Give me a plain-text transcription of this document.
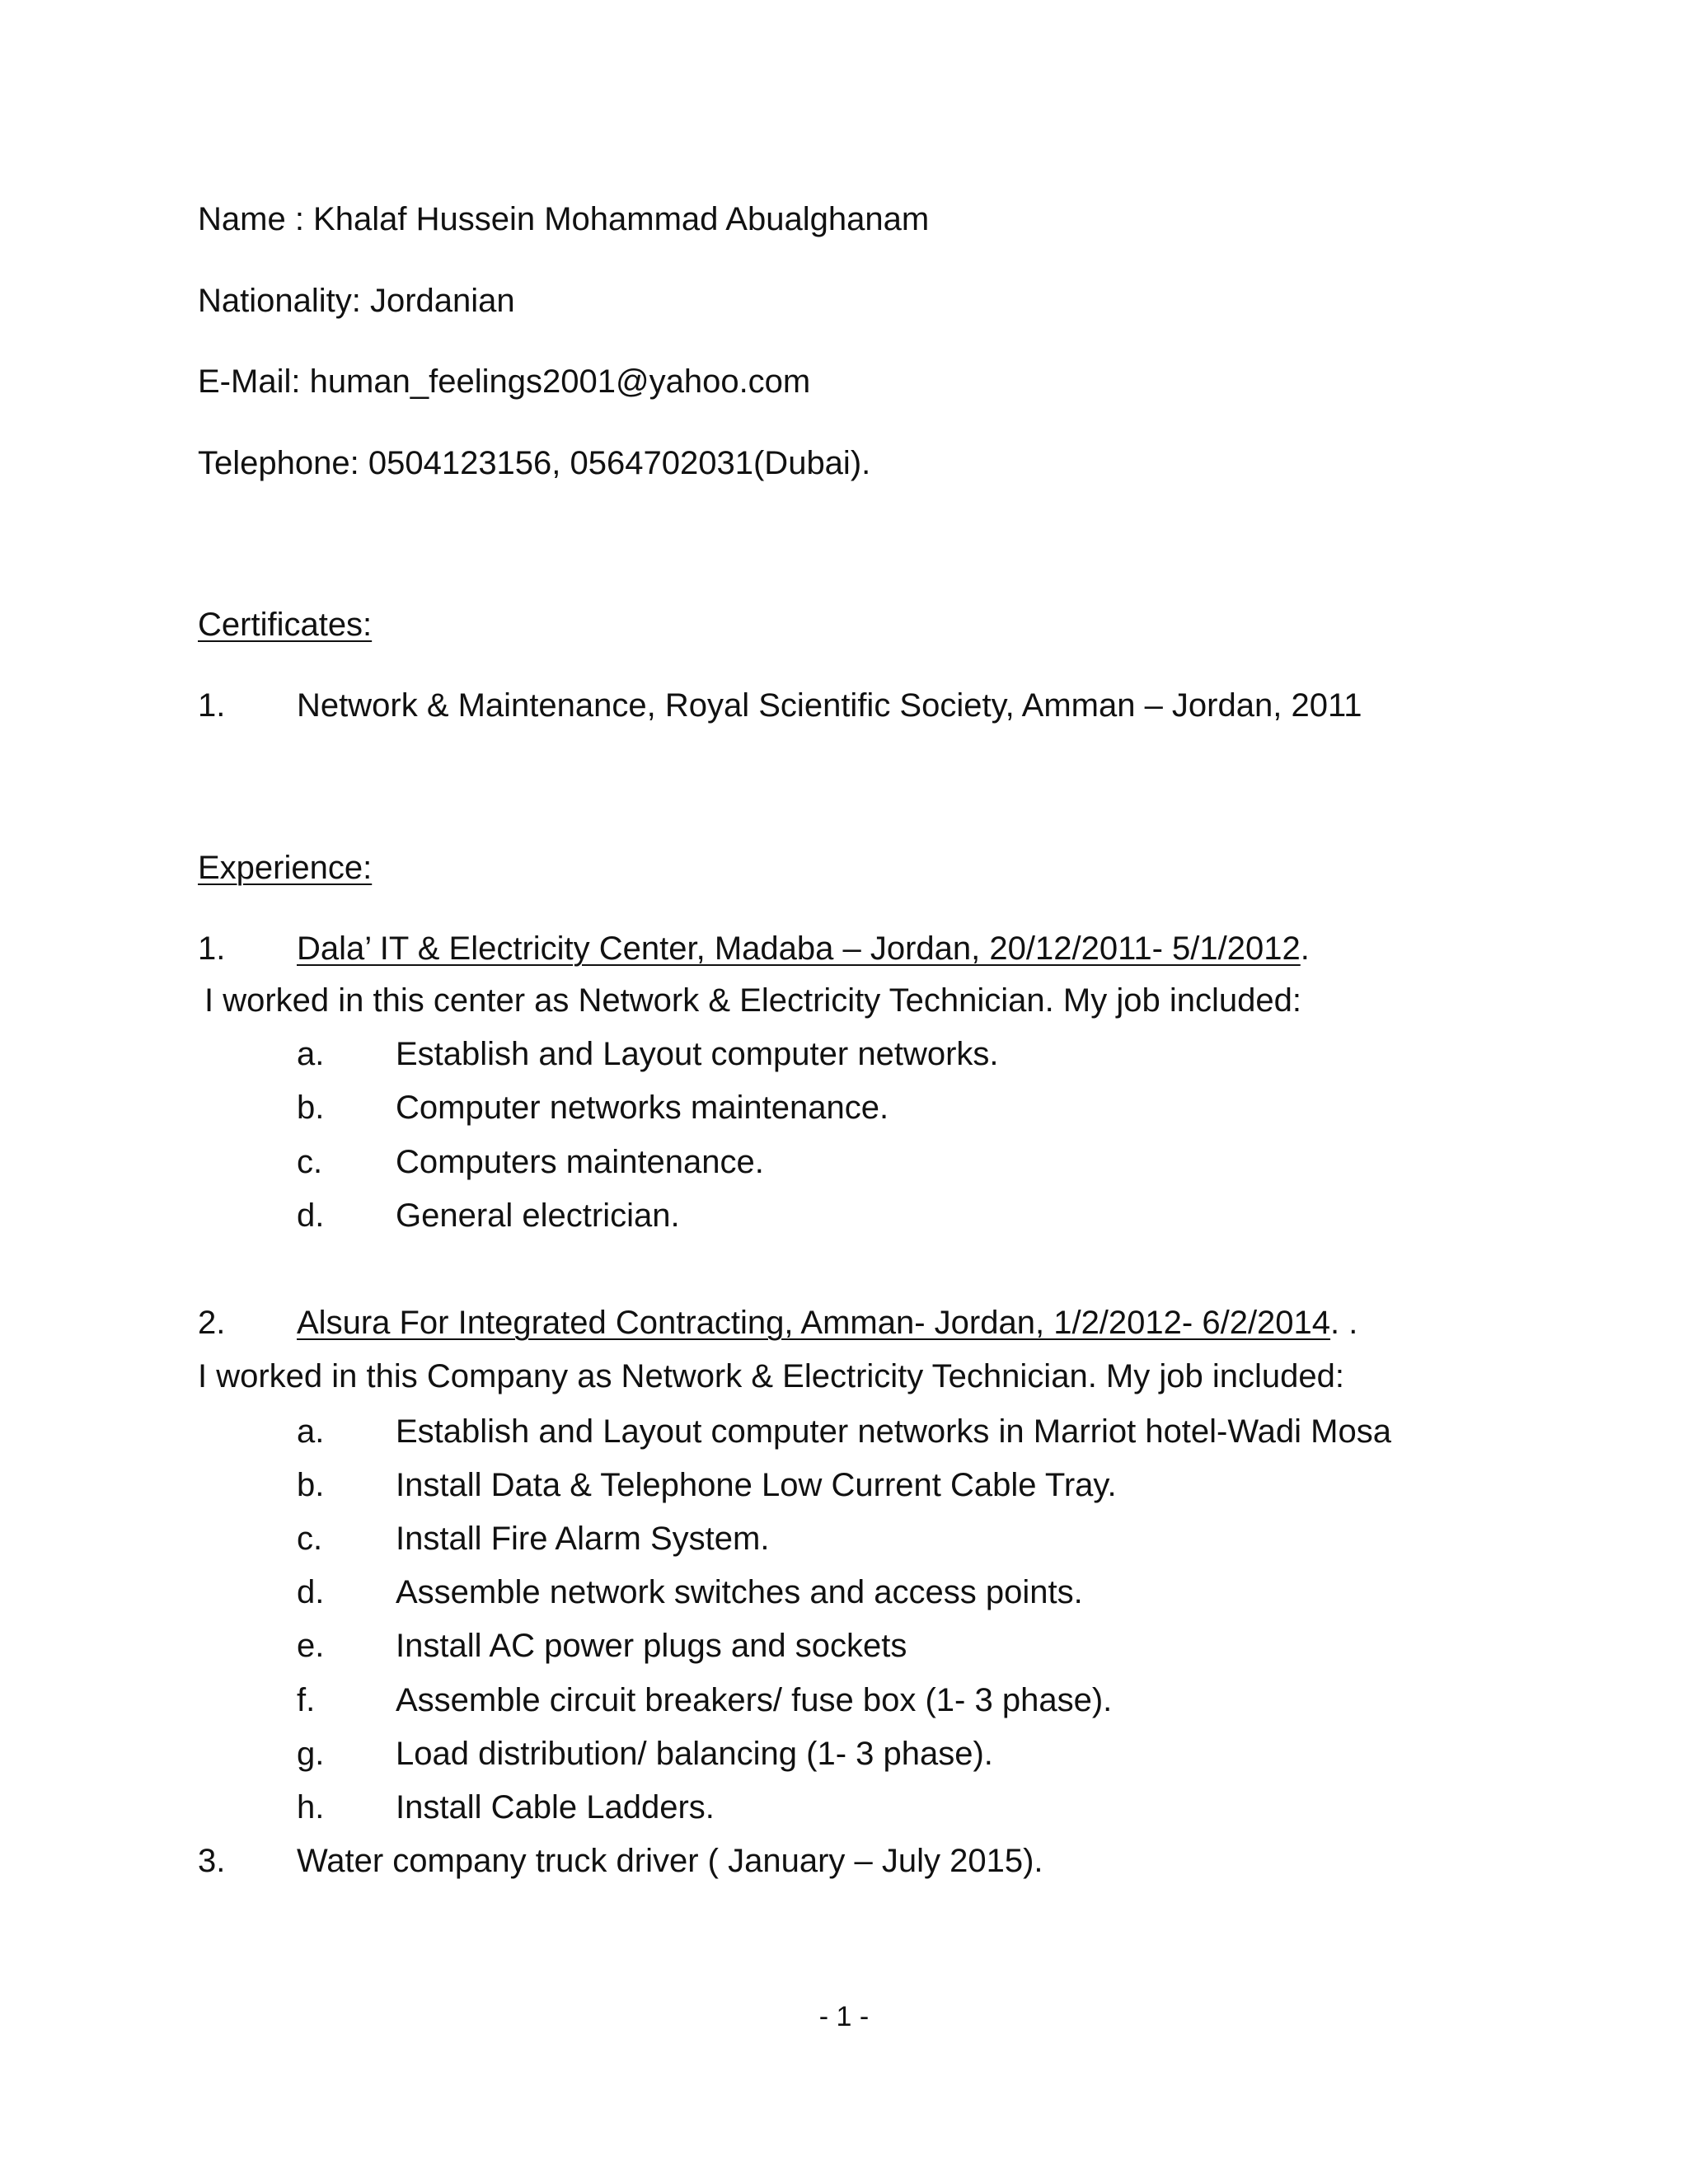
Name : Khalaf Hussein Mohammad Abualghanam
Nationality: Jordanian
E-Mail: human_feelings2001@yahoo.com
Telephone: 0504123156, 0564702031(Dubai).
Certificates:
1. Network & Maintenance, Royal Scientific Society, Amman – Jordan, 2011
Experience:
1. Dala’ IT & Electricity Center, Madaba – Jordan, 20/12/2011- 5/1/2012.
I worked in this center as Network & Electricity Technician. My job included:
a. Establish and Layout computer networks.
b. Computer networks maintenance.
c. Computers maintenance.
d. General electrician.
2. Alsura For Integrated Contracting, Amman- Jordan, 1/2/2012- 6/2/2014. .
I worked in this Company as Network & Electricity Technician. My job included:
a. Establish and Layout computer networks in Marriot hotel-Wadi Mosa
b. Install Data & Telephone Low Current Cable Tray.
c. Install Fire Alarm System.
d. Assemble network switches and access points.
e. Install AC power plugs and sockets
f. Assemble circuit breakers/ fuse box (1- 3 phase).
g. Load distribution/ balancing (1- 3 phase).
h. Install Cable Ladders.
3. Water company truck driver ( January – July 2015).
- 1 -
